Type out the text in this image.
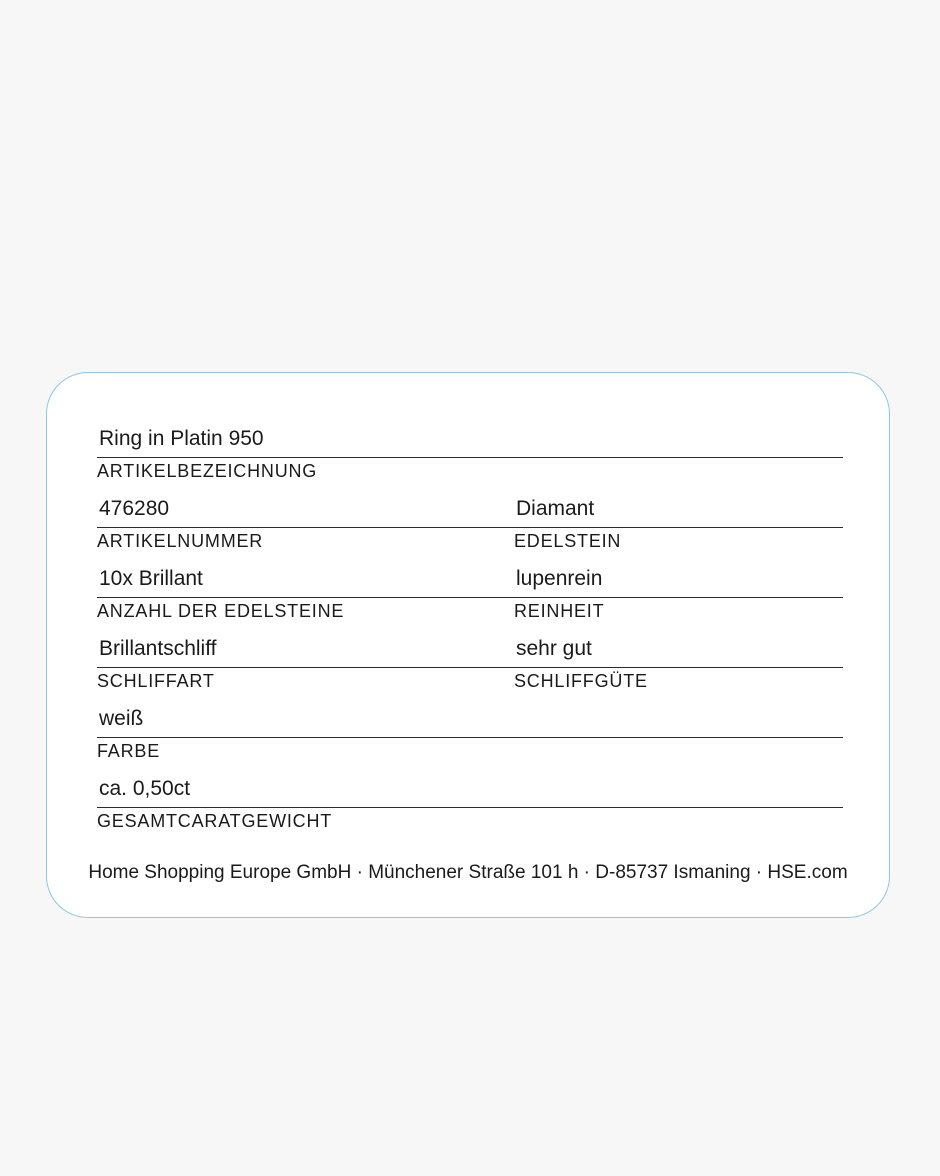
Ring in Platin 950
ARTIKELBEZEICHNUNG
476280
ARTIKELNUMMER
Diamant
EDELSTEIN
10x Brillant
ANZAHL DER EDELSTEINE
lupenrein
REINHEIT
Brillantschliff
SCHLIFFART
sehr gut
SCHLIFFGÜTE
weiß
FARBE
ca. 0,50ct
GESAMTCARATGEWICHT
Home Shopping Europe GmbH · Münchener Straße 101 h · D-85737 Ismaning · HSE.com
